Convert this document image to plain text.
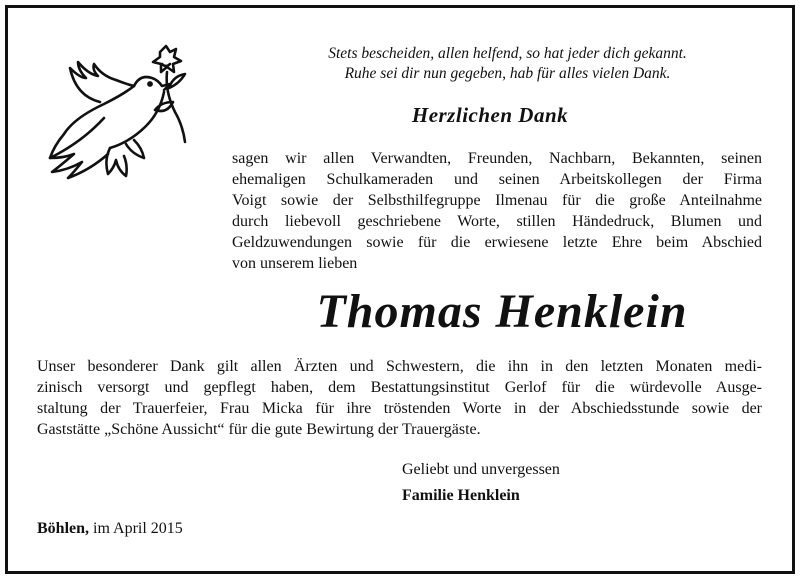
Stets bescheiden, allen helfend, so hat jeder dich gekannt.
Ruhe sei dir nun gegeben, hab für alles vielen Dank.
Herzlichen Dank
sagen wir allen Verwandten, Freunden, Nachbarn, Bekannten, seinen
ehemaligen Schulkameraden und seinen Arbeitskollegen der Firma
Voigt sowie der Selbsthilfegruppe Ilmenau für die große Anteilnahme
durch liebevoll geschriebene Worte, stillen Händedruck, Blumen und
Geldzuwendungen sowie für die erwiesene letzte Ehre beim Abschied
von unserem lieben
Thomas Henklein
Unser besonderer Dank gilt allen Ärzten und Schwestern, die ihn in den letzten Monaten medi-
zinisch versorgt und gepflegt haben, dem Bestattungsinstitut Gerlof für die würdevolle Ausge-
staltung der Trauerfeier, Frau Micka für ihre tröstenden Worte in der Abschiedsstunde sowie der
Gaststätte „Schöne Aussicht“ für die gute Bewirtung der Trauergäste.
Geliebt und unvergessen
Familie Henklein
Böhlen, im April 2015
